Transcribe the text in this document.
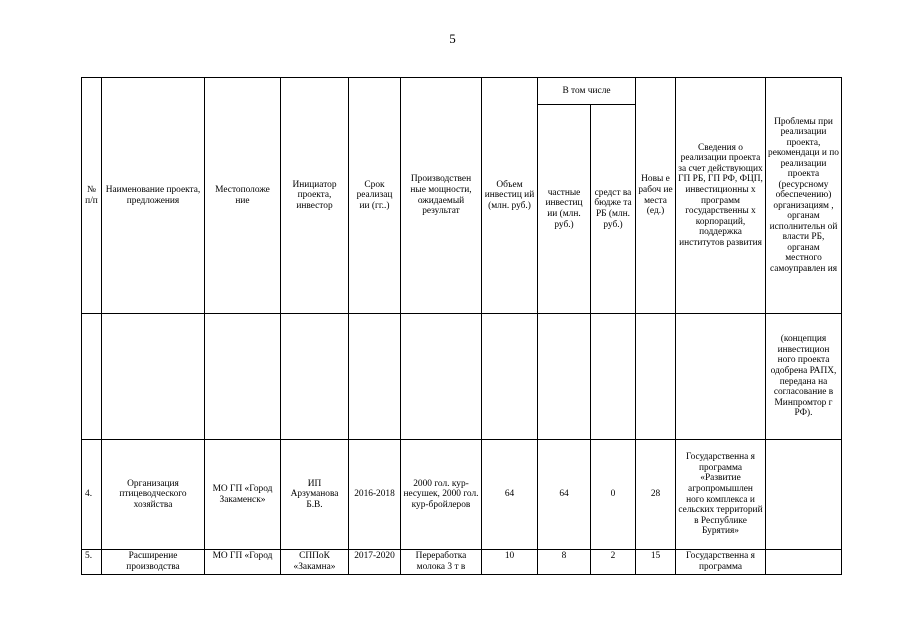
5
№ п/п	Наименование проекта, предложения	Местоположе ние	Инициатор проекта, инвестор	Срок реализац ии (гг..)	Производствен ные мощности, ожидаемый результат	Объем инвестиц ий (млн. руб.)	В том числе		Новы е рабоч ие места (ед.)	Сведения о реализации проекта за счет действующих ГП РБ, ГП РФ, ФЦП, инвестиционны х программ государственны х корпораций, поддержка институтов развития	Проблемы при реализации проекта, рекомендаци и по реализации проекта (ресурсному обеспечению) организациям , органам исполнительн ой власти РБ, органам местного самоуправлен ия
							частные инвестиц ии (млн. руб.)	средст ва бюдже та РБ (млн. руб.)			
											(концепция инвестицион ного проекта одобрена РАПХ, передана на согласование в Минпромтор г РФ).
4.	Организация птицеводческого хозяйства	МО ГП «Город Закаменск»	ИП Арзуманова Б.В.	2016-2018	2000 гол. кур-несушек, 2000 гол. кур-бройлеров	64	64	0	28	Государственна я программа «Развитие агропромышлен ного комплекса и сельских территорий в Республике Бурятия»	

5.	Расширение производства	МО ГП «Город	СППоК «Закамна»	2017-2020	Переработка молока 3 т в	10	8	2	15	Государственна я программа	
